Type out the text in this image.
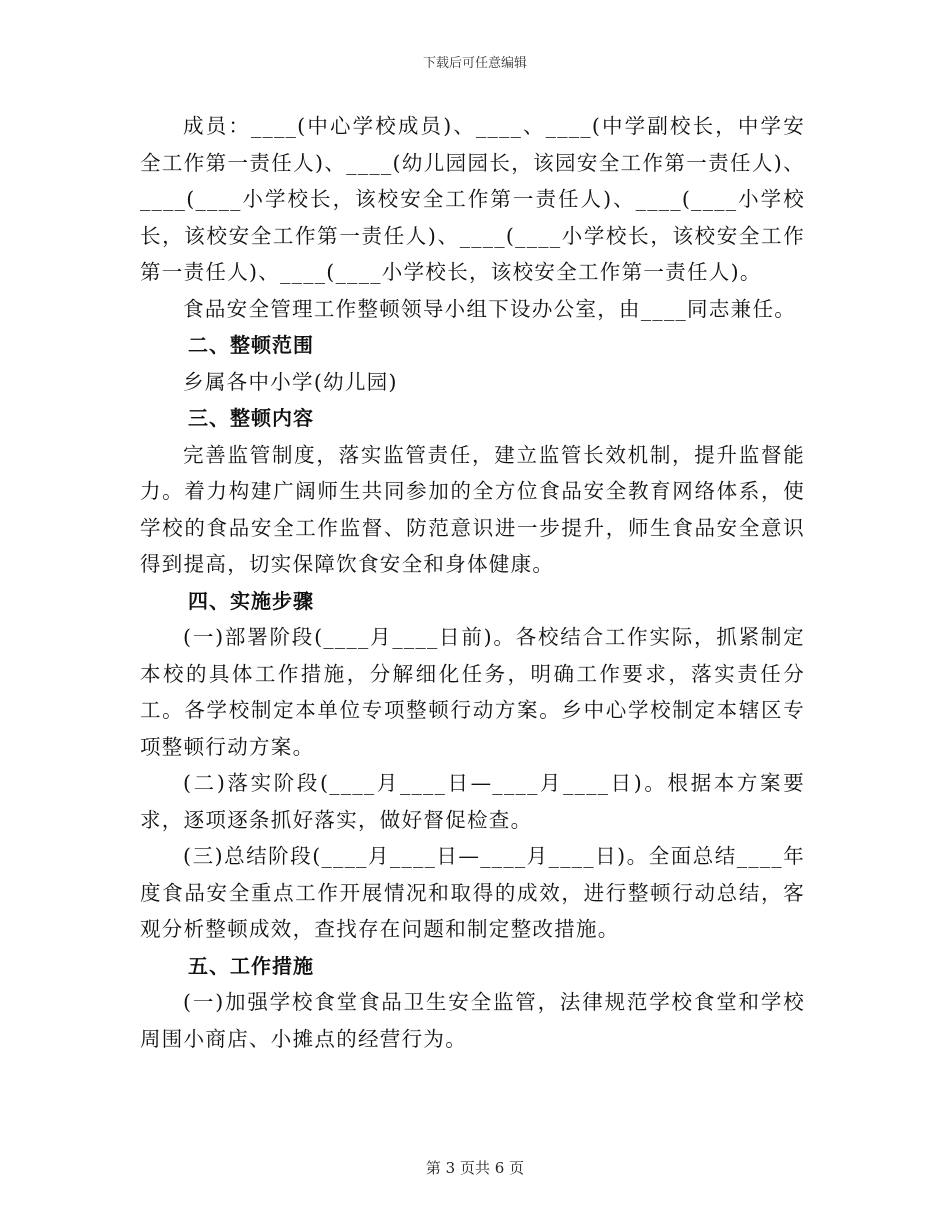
下载后可任意编辑

成员：____(中心学校成员)、____、____(中学副校长，中学安全工作第一责任人)、____(幼儿园园长，该园安全工作第一责任人)、____(____小学校长，该校安全工作第一责任人)、____(____小学校长，该校安全工作第一责任人)、____(____小学校长，该校安全工作第一责任人)、____(____小学校长，该校安全工作第一责任人)。

食品安全管理工作整顿领导小组下设办公室，由____同志兼任。

二、整顿范围

乡属各中小学(幼儿园)

三、整顿内容

完善监管制度，落实监管责任，建立监管长效机制，提升监督能力。着力构建广阔师生共同参加的全方位食品安全教育网络体系，使学校的食品安全工作监督、防范意识进一步提升，师生食品安全意识得到提高，切实保障饮食安全和身体健康。

四、实施步骤

(一)部署阶段(____月____日前)。各校结合工作实际，抓紧制定本校的具体工作措施，分解细化任务，明确工作要求，落实责任分工。各学校制定本单位专项整顿行动方案。乡中心学校制定本辖区专项整顿行动方案。

(二)落实阶段(____月____日—____月____日)。根据本方案要求，逐项逐条抓好落实，做好督促检查。

(三)总结阶段(____月____日—____月____日)。全面总结____年度食品安全重点工作开展情况和取得的成效，进行整顿行动总结，客观分析整顿成效，查找存在问题和制定整改措施。

五、工作措施

(一)加强学校食堂食品卫生安全监管，法律规范学校食堂和学校周围小商店、小摊点的经营行为。

第 3 页共 6 页
